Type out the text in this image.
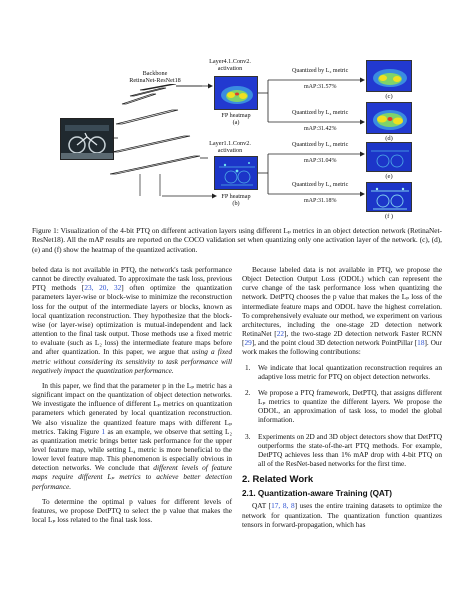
Backbone
RetinaNet-ResNet18
Layer4.1.Conv2.
activation
FP heatmap
(a)
Layer1.1.Conv2.
activation
FP heatmap
(b)
Quantized by L₂ metric
mAP:31.57%
Quantized by L₄ metric
mAP:31.42%
Quantized by L₂ metric
mAP:31.04%
Quantized by L₄ metric
mAP:31.18%
(c)
(d)
(e)
(f )
Figure 1: Visualization of the 4-bit PTQ on different activation layers using different Lₚ metrics in an object detection network (RetinaNet-ResNet18). All the mAP results are reported on the COCO validation set when quantizing only one activation layer of the network. (c), (d), (e) and (f) show the heatmap of the quantized activation.

beled data is not available in PTQ, the network's task performance cannot be directly evaluated. To approximate the task loss, previous PTQ methods [23, 20, 32] often optimize the quantization parameters layer-wise or block-wise to minimize the reconstruction loss for the output of the intermediate layers or blocks, known as local quantization reconstruction. They hypothesize that the block-wise (or layer-wise) optimization is mutual-independent and lack attention to the final task output. Those methods use a fixed metric to evaluate (such as L₂ loss) the intermediate feature maps before and after quantization. In this paper, we argue that using a fixed metric without considering its sensitivity to task performance will negatively impact the quantization performance.

In this paper, we find that the parameter p in the Lₚ metric has a significant impact on the quantization of object detection networks. We investigate the influence of different Lₚ metrics on quantization parameters which generated by local quantization reconstruction. We also visualize the quantized feature maps with different Lₚ metrics. Taking Figure 1 as an example, we observe that setting L₂ as quantization metric brings better task performance for the upper level feature map, while setting L₄ metric is more beneficial to the lower level feature map. This phenomenon is especially obvious in detection networks. We conclude that different levels of feature maps require different Lₚ metrics to achieve better detection performance.

To determine the optimal p values for different levels of features, we propose DetPTQ to select the p value that makes the local Lₚ loss related to the final task loss.

Because labeled data is not available in PTQ, we propose the Object Detection Output Loss (ODOL) which can represent the curve change of the task performance loss when quantizing the network. DetPTQ chooses the p value that makes the Lₚ loss of the intermediate feature maps and ODOL have the highest correlation. To comprehensively evaluate our method, we experiment on various architectures, including the one-stage 2D detection network RetinaNet [22], the two-stage 2D detection network Faster RCNN [29], and the point cloud 3D detection network PointPillar [18]. Our work makes the following contributions:

1. We indicate that local quantization reconstruction requires an adaptive loss metric for PTQ on object detection networks.
2. We propose a PTQ framework, DetPTQ, that assigns different Lₚ metrics to quantize the different layers. We propose the ODOL, an approximation of task loss, to model the global information.
3. Experiments on 2D and 3D object detectors show that DetPTQ outperforms the state-of-the-art PTQ methods. For example, DetPTQ achieves less than 1% mAP drop with 4-bit PTQ on all of the ResNet-based networks for the first time.
2. Related Work
2.1. Quantization-aware Training (QAT)

QAT [17, 8, 8] uses the entire training datasets to optimize the network for quantization. The quantization function quantizes tensors in forward-propagation, which has
